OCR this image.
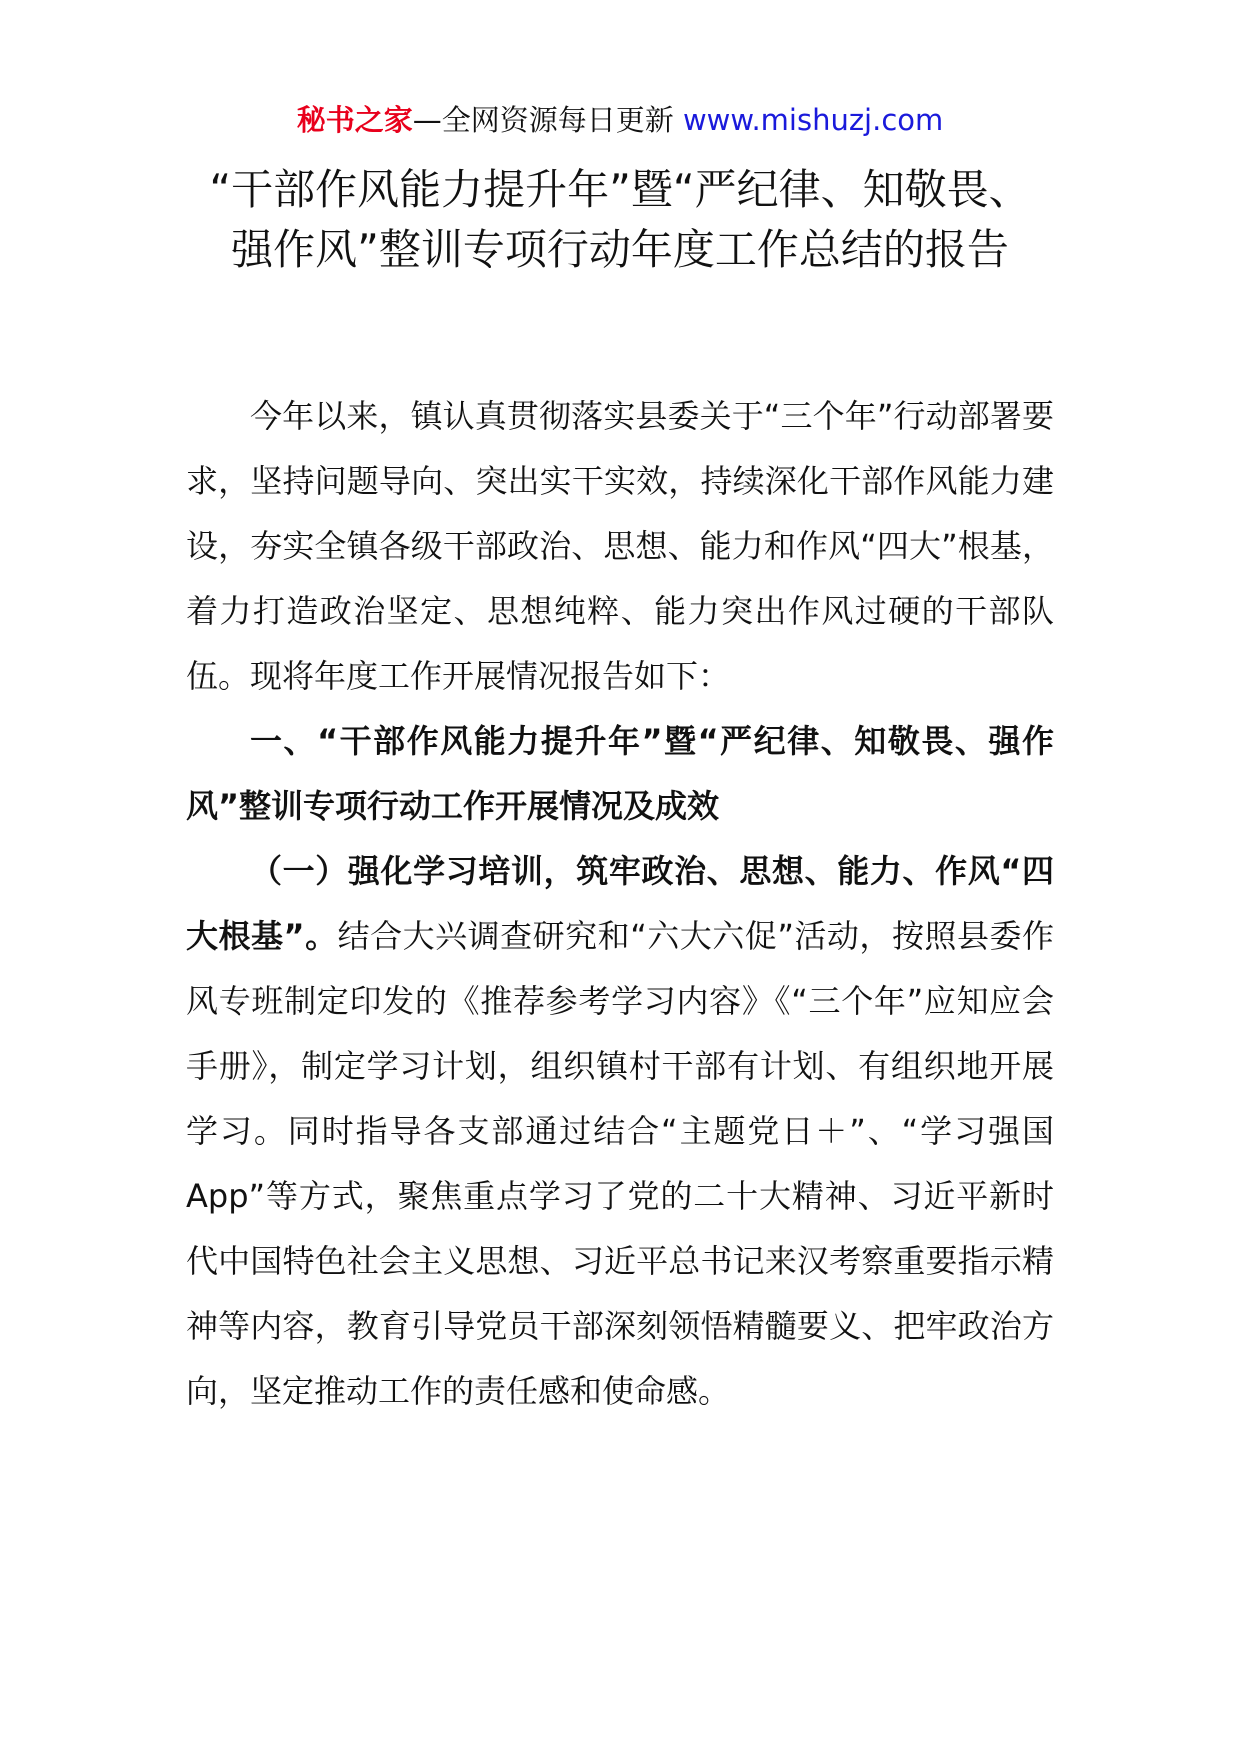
秘书之家—全网资源每日更新 www.mishuzj.com
“干部作风能力提升年”暨“严纪律、知敬畏、强作风”整训专项行动年度工作总结的报告

今年以来，镇认真贯彻落实县委关于“三个年”行动部署要求，坚持问题导向、突出实干实效，持续深化干部作风能力建设，夯实全镇各级干部政治、思想、能力和作风“四大”根基，着力打造政治坚定、思想纯粹、能力突出作风过硬的干部队伍。现将年度工作开展情况报告如下：

一、“干部作风能力提升年”暨“严纪律、知敬畏、强作风”整训专项行动工作开展情况及成效

（一）强化学习培训，筑牢政治、思想、能力、作风“四大根基”。结合大兴调查研究和“六大六促”活动，按照县委作风专班制定印发的《推荐参考学习内容》《“三个年”应知应会手册》，制定学习计划，组织镇村干部有计划、有组织地开展学习。同时指导各支部通过结合“主题党日＋”、“学习强国App”等方式，聚焦重点学习了党的二十大精神、习近平新时代中国特色社会主义思想、习近平总书记来汉考察重要指示精神等内容，教育引导党员干部深刻领悟精髓要义、把牢政治方向，坚定推动工作的责任感和使命感。
